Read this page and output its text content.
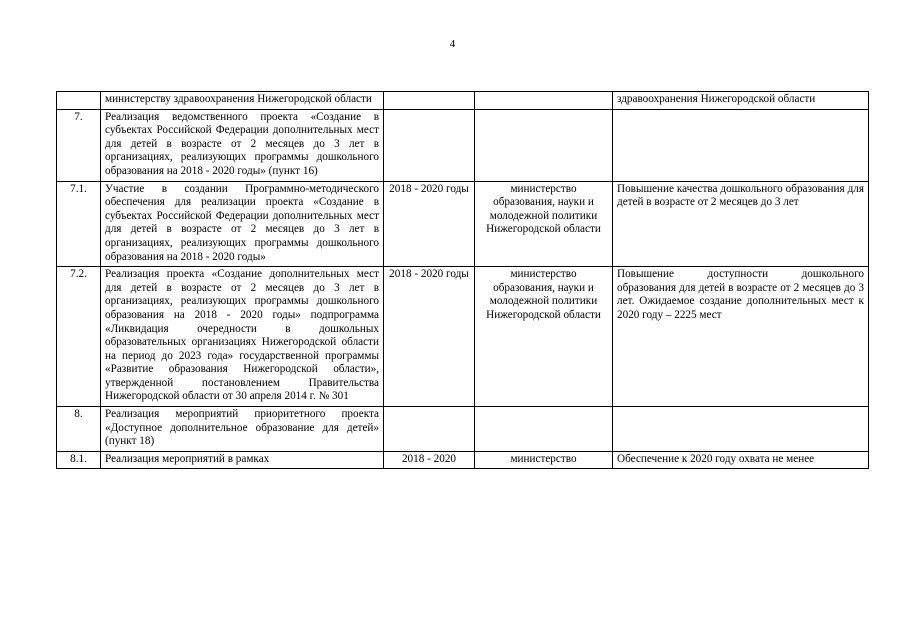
4
	министерству здравоохранения Нижегородской области			здравоохранения Нижегородской области
7.	Реализация ведомственного проекта «Создание в субъектах Российской Федерации дополнительных мест для детей в возрасте от 2 месяцев до 3 лет в организациях, реализующих программы дошкольного образования на 2018 - 2020 годы» (пункт 16)			
7.1.	Участие в создании Программно-методического обеспечения для реализации проекта «Создание в субъектах Российской Федерации дополнительных мест для детей в возрасте от 2 месяцев до 3 лет в организациях, реализующих программы дошкольного образования на 2018 - 2020 годы»	2018 - 2020 годы	министерство образования, науки и молодежной политики Нижегородской области	Повышение качества дошкольного образования для детей в возрасте от 2 месяцев до 3 лет
7.2.	Реализация проекта «Создание дополнительных мест для детей в возрасте от 2 месяцев до 3 лет в организациях, реализующих программы дошкольного образования на 2018 - 2020 годы» подпрограмма «Ликвидация очередности в дошкольных образовательных организациях Нижегородской области на период до 2023 года» государственной программы «Развитие образования Нижегородской области», утвержденной постановлением Правительства Нижегородской области от 30 апреля 2014 г. № 301	2018 - 2020 годы	министерство образования, науки и молодежной политики Нижегородской области	Повышение доступности дошкольного образования для детей в возрасте от 2 месяцев до 3 лет. Ожидаемое создание дополнительных мест к 2020 году – 2225 мест
8.	Реализация мероприятий приоритетного проекта «Доступное дополнительное образование для детей» (пункт 18)			
8.1.	Реализация мероприятий в рамках	2018 - 2020	министерство	Обеспечение к 2020 году охвата не менее
